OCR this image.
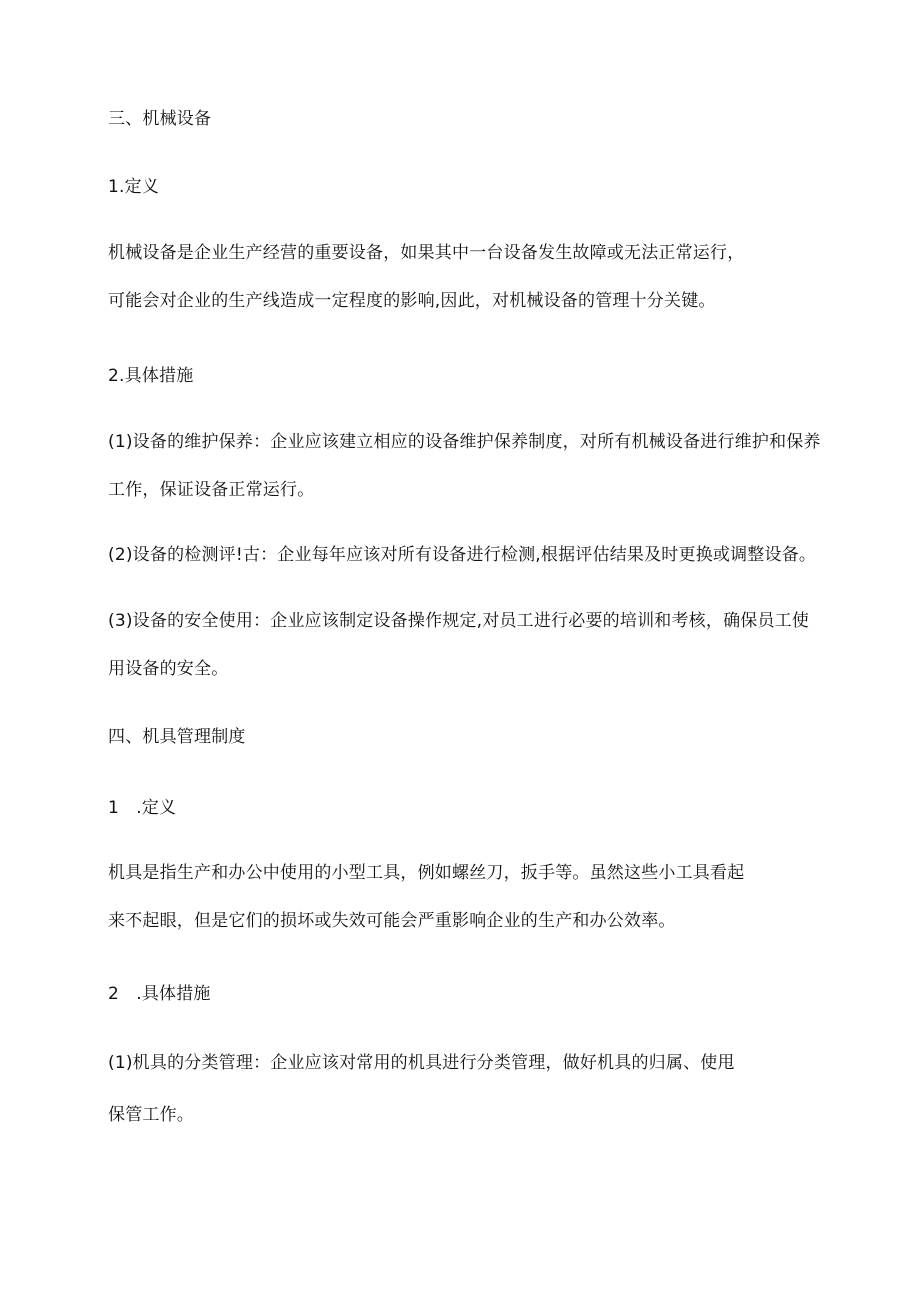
三、机械设备

1.定义

机械设备是企业生产经营的重要设备，如果其中一台设备发生故障或无法正常运行，

可能会对企业的生产线造成一定程度的影响,因此，对机械设备的管理十分关键。

2.具体措施

(1)设备的维护保养：企业应该建立相应的设备维护保养制度，对所有机械设备进行维护和保养

工作，保证设备正常运行。

(2)设备的检测评!古：企业每年应该对所有设备进行检测,根据评估结果及时更换或调整设备。

(3)设备的安全使用：企业应该制定设备操作规定,对员工进行必要的培训和考核，确保员工使

用设备的安全。

四、机具管理制度

1　.定义

机具是指生产和办公中使用的小型工具，例如螺丝刀，扳手等。虽然这些小工具看起

来不起眼，但是它们的损坏或失效可能会严重影响企业的生产和办公效率。

2　.具体措施

(1)机具的分类管理：企业应该对常用的机具进行分类管理，做好机具的归属、使甩

保管工作。
